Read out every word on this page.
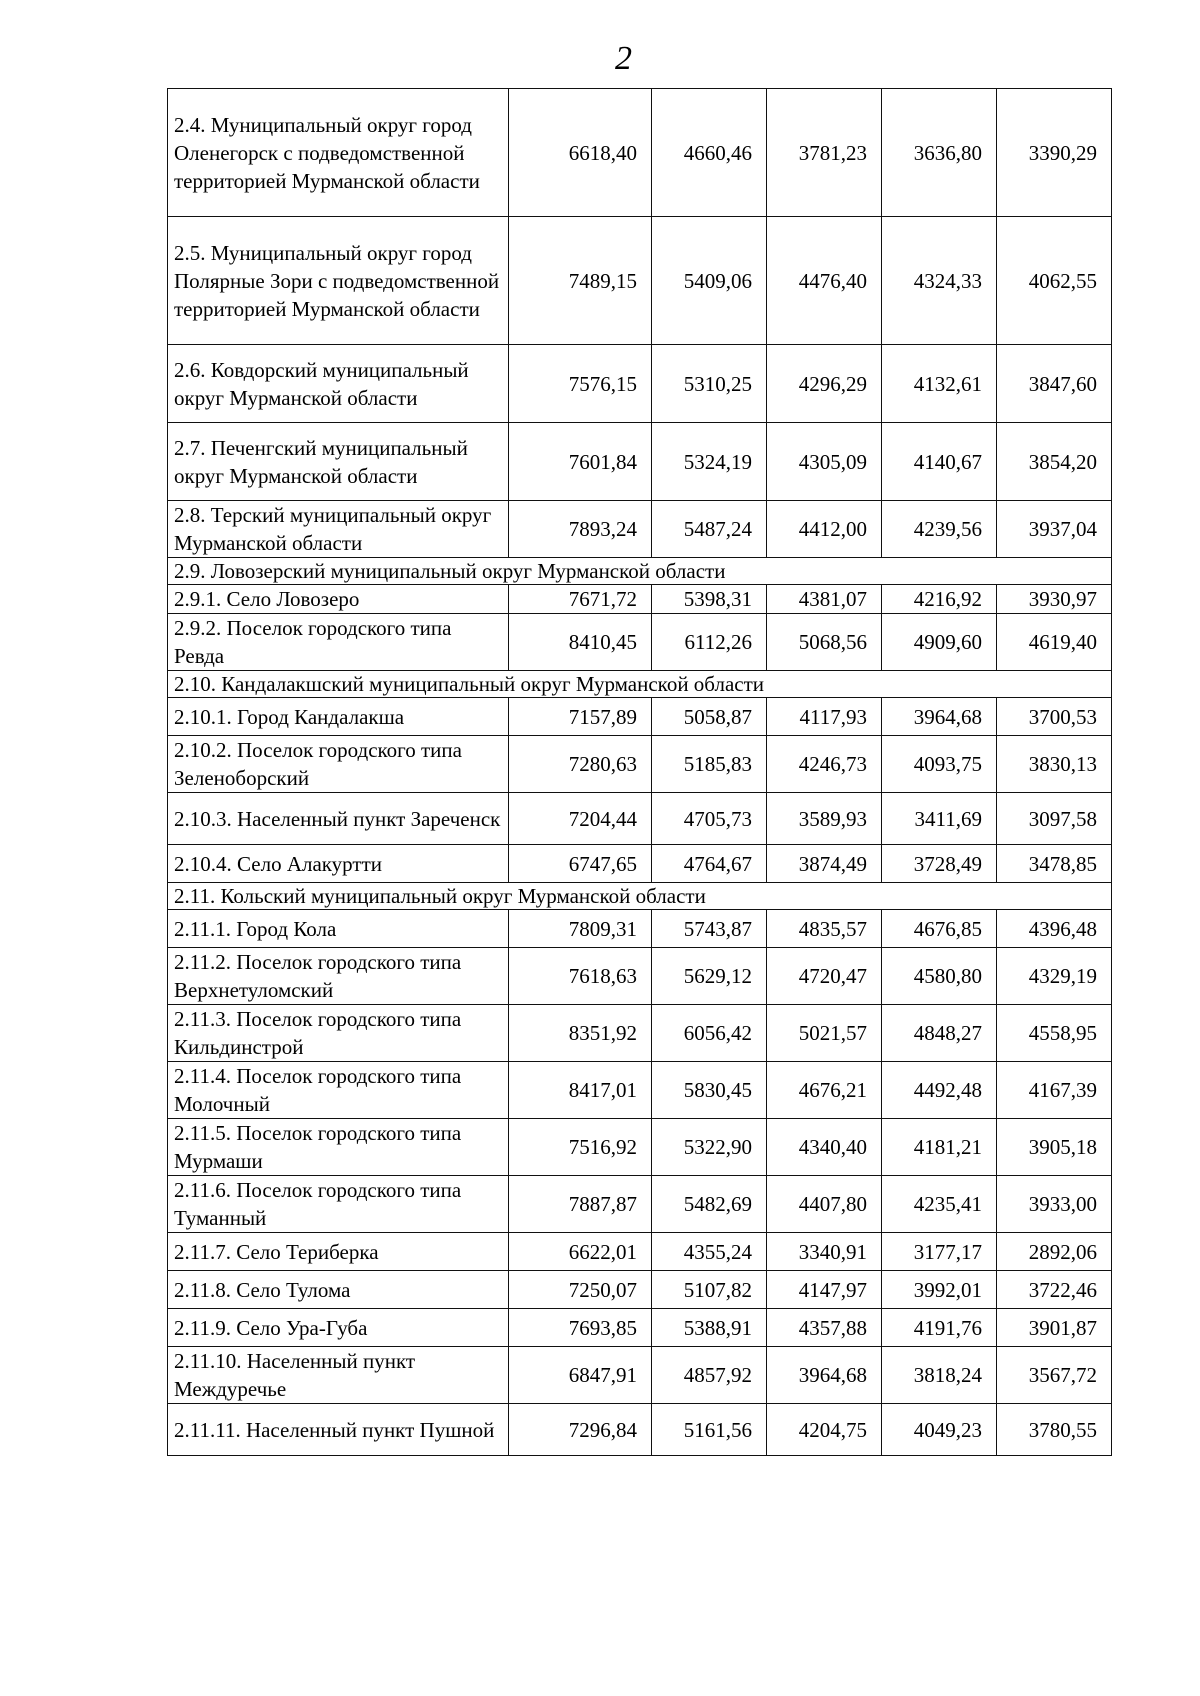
2
2.4. Муниципальный округ город Оленегорск с подведомственной территорией Мурманской области	6618,40	4660,46	3781,23	3636,80	3390,29
2.5. Муниципальный округ город Полярные Зори с подведомственной территорией Мурманской области	7489,15	5409,06	4476,40	4324,33	4062,55
2.6. Ковдорский муниципальный округ Мурманской области	7576,15	5310,25	4296,29	4132,61	3847,60
2.7. Печенгский муниципальный округ Мурманской области	7601,84	5324,19	4305,09	4140,67	3854,20
2.8. Терский муниципальный округ Мурманской области	7893,24	5487,24	4412,00	4239,56	3937,04
2.9. Ловозерский муниципальный округ Мурманской области					
2.9.1. Село Ловозеро	7671,72	5398,31	4381,07	4216,92	3930,97
2.9.2. Поселок городского типа Ревда	8410,45	6112,26	5068,56	4909,60	4619,40
2.10. Кандалакшский муниципальный округ Мурманской области					
2.10.1. Город Кандалакша	7157,89	5058,87	4117,93	3964,68	3700,53
2.10.2. Поселок городского типа Зеленоборский	7280,63	5185,83	4246,73	4093,75	3830,13
2.10.3. Населенный пункт Зареченск	7204,44	4705,73	3589,93	3411,69	3097,58
2.10.4. Село Алакуртти	6747,65	4764,67	3874,49	3728,49	3478,85
2.11. Кольский муниципальный округ Мурманской области					
2.11.1. Город Кола	7809,31	5743,87	4835,57	4676,85	4396,48
2.11.2. Поселок городского типа Верхнетуломский	7618,63	5629,12	4720,47	4580,80	4329,19
2.11.3. Поселок городского типа Кильдинстрой	8351,92	6056,42	5021,57	4848,27	4558,95
2.11.4. Поселок городского типа Молочный	8417,01	5830,45	4676,21	4492,48	4167,39
2.11.5. Поселок городского типа Мурмаши	7516,92	5322,90	4340,40	4181,21	3905,18
2.11.6. Поселок городского типа Туманный	7887,87	5482,69	4407,80	4235,41	3933,00
2.11.7. Село Териберка	6622,01	4355,24	3340,91	3177,17	2892,06
2.11.8. Село Тулома	7250,07	5107,82	4147,97	3992,01	3722,46
2.11.9. Село Ура-Губа	7693,85	5388,91	4357,88	4191,76	3901,87
2.11.10. Населенный пункт Междуречье	6847,91	4857,92	3964,68	3818,24	3567,72
2.11.11. Населенный пункт Пушной	7296,84	5161,56	4204,75	4049,23	3780,55
